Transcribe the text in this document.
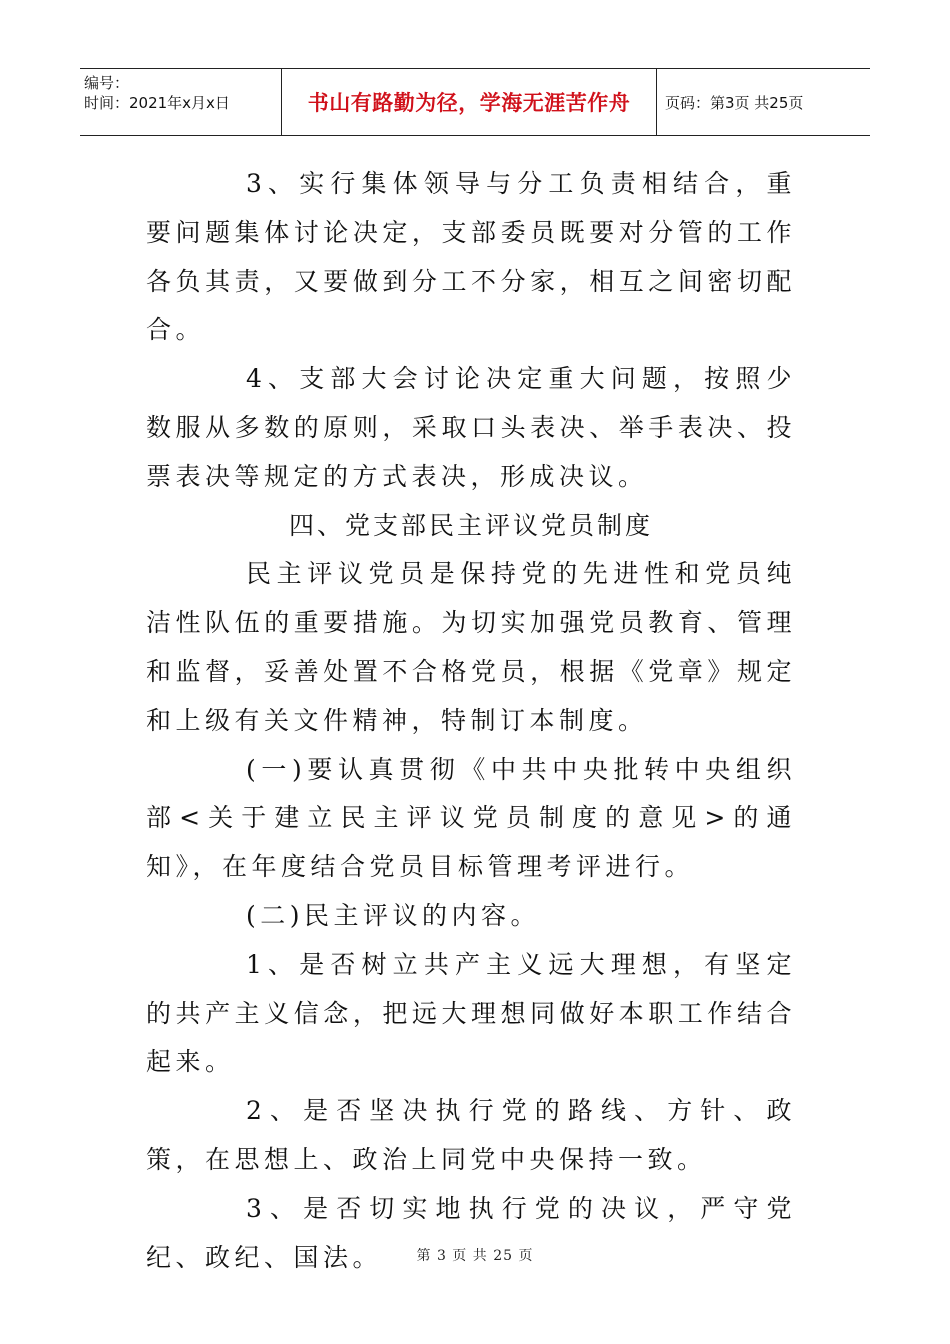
编号：
时间：2021年x月x日	书山有路勤为径，学海无涯苦作舟	页码：第3页 共25页

3、实行集体领导与分工负责相结合，重要问题集体讨论决定，支部委员既要对分管的工作各负其责，又要做到分工不分家，相互之间密切配合。

4、支部大会讨论决定重大问题，按照少数服从多数的原则，采取口头表决、举手表决、投票表决等规定的方式表决，形成决议。

四、党支部民主评议党员制度

民主评议党员是保持党的先进性和党员纯洁性队伍的重要措施。为切实加强党员教育、管理和监督，妥善处置不合格党员，根据《党章》规定和上级有关文件精神，特制订本制度。

(一)要认真贯彻《中共中央批转中央组织部<关于建立民主评议党员制度的意见>的通知》，在年度结合党员目标管理考评进行。

(二)民主评议的内容。

1、是否树立共产主义远大理想，有坚定的共产主义信念，把远大理想同做好本职工作结合起来。

2、是否坚决执行党的路线、方针、政策，在思想上、政治上同党中央保持一致。

3、是否切实地执行党的决议，严守党纪、政纪、国法。	第 3 页 共 25 页
